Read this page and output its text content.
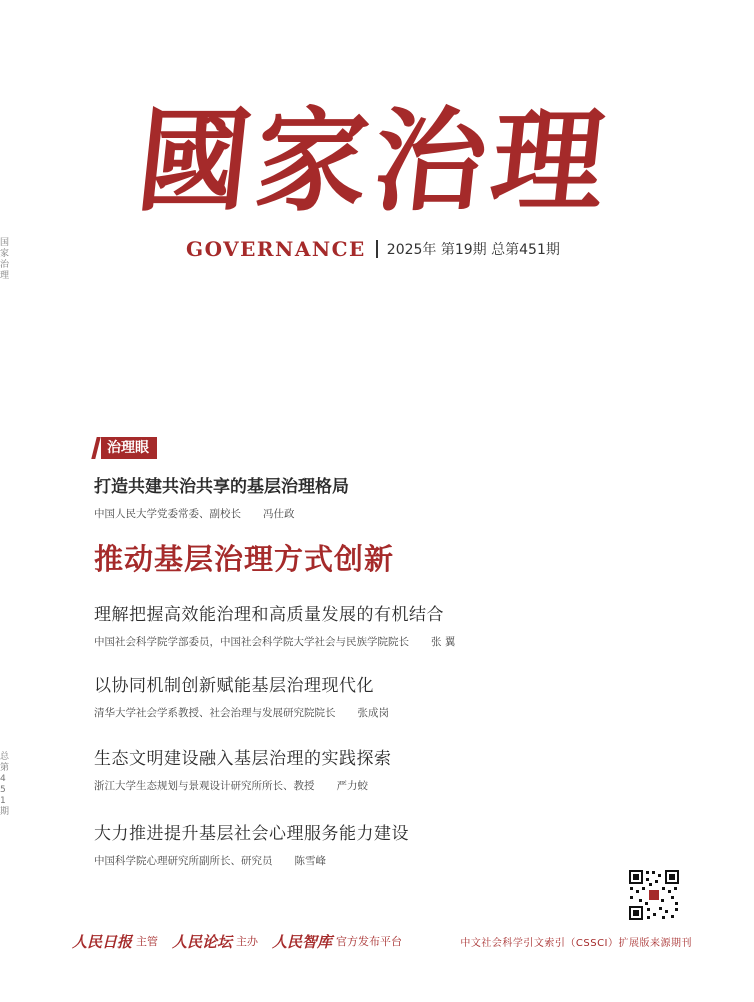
国家治理
总第451期
國家治理
GOVERNANCE 2025年 第19期 总第451期
治理眼
打造共建共治共享的基层治理格局
中国人民大学党委常委、副校长 冯仕政
推动基层治理方式创新
理解把握高效能治理和高质量发展的有机结合
中国社会科学院学部委员，中国社会科学院大学社会与民族学院院长 张 翼
以协同机制创新赋能基层治理现代化
清华大学社会学系教授、社会治理与发展研究院院长 张成岗
生态文明建设融入基层治理的实践探索
浙江大学生态规划与景观设计研究所所长、教授 严力蛟
大力推进提升基层社会心理服务能力建设
中国科学院心理研究所副所长、研究员 陈雪峰
人民日报 主管 人民论坛 主办 人民智库 官方发布平台	中文社会科学引文索引（CSSCI）扩展版来源期刊
